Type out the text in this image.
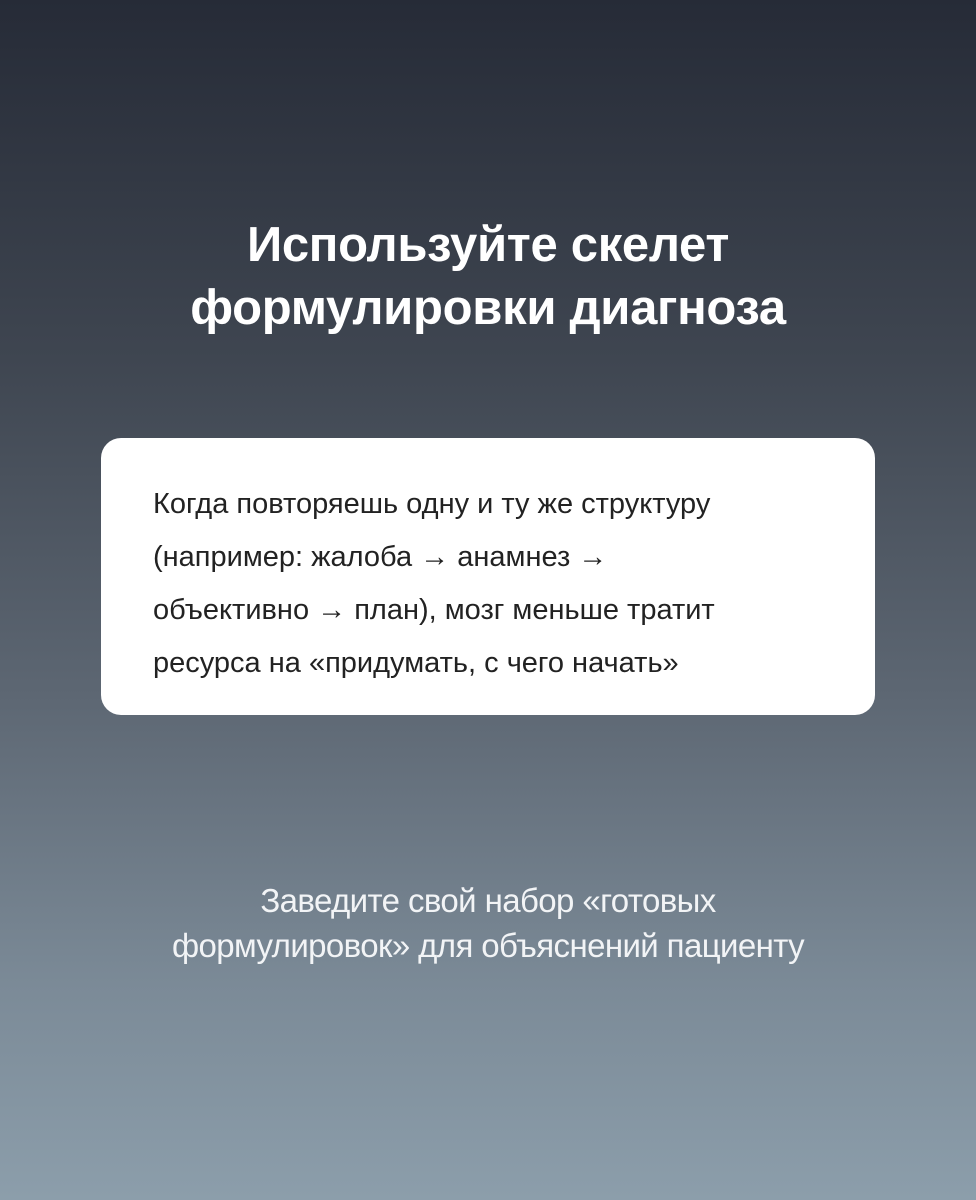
Используйте скелет
формулировки диагноза

Когда повторяешь одну и ту же структуру
(например: жалоба → анамнез →
объективно → план), мозг меньше тратит
ресурса на «придумать, с чего начать»

Заведите свой набор «готовых
формулировок» для объяснений пациенту
